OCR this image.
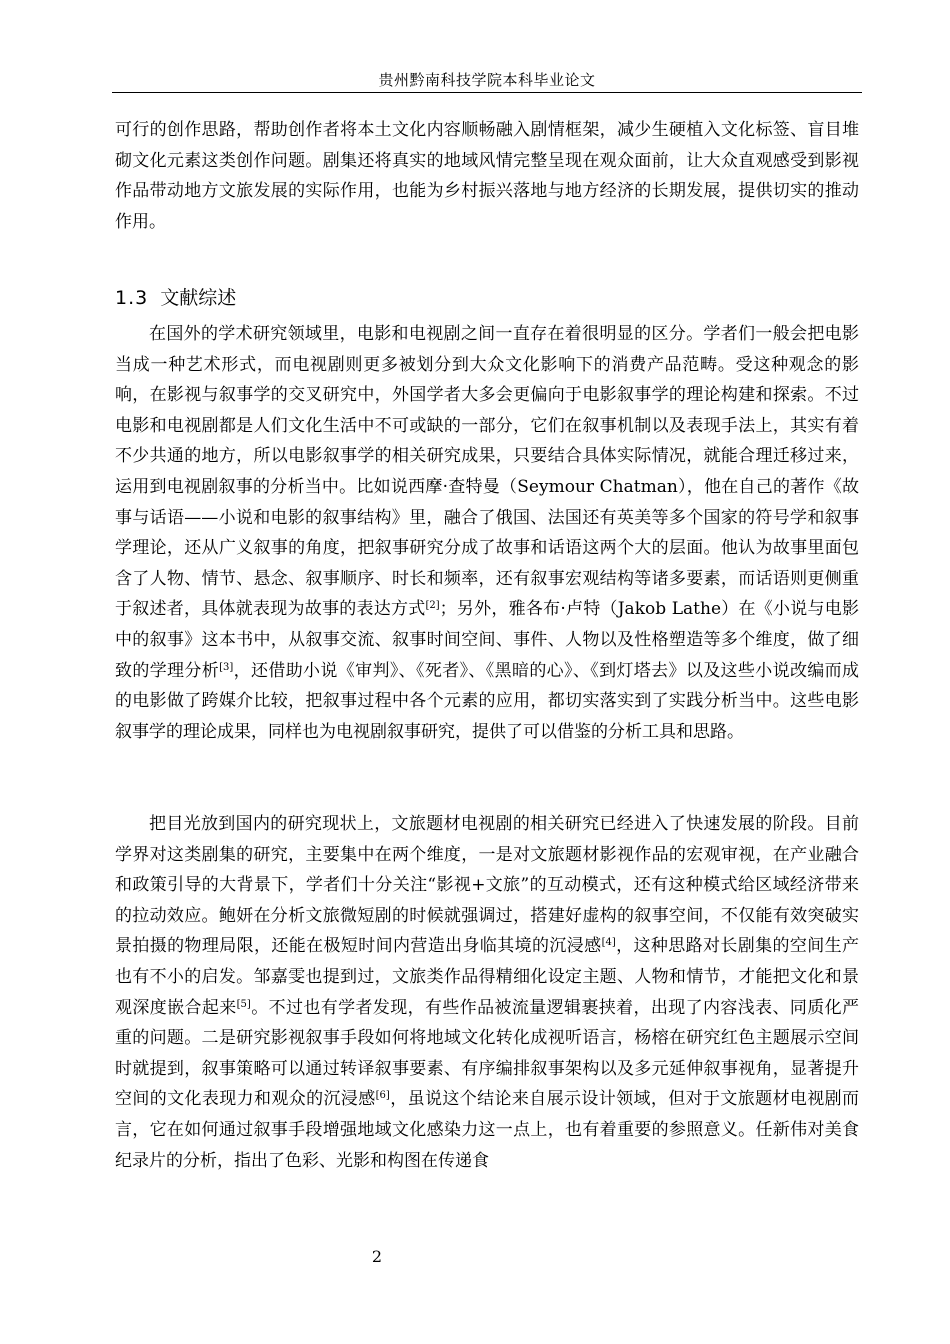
贵州黔南科技学院本科毕业论文

可行的创作思路，帮助创作者将本土文化内容顺畅融入剧情框架，减少生硬植入文化标签、盲目堆砌文化元素这类创作问题。剧集还将真实的地域风情完整呈现在观众面前，让大众直观感受到影视作品带动地方文旅发展的实际作用，也能为乡村振兴落地与地方经济的长期发展，提供切实的推动作用。

1.3 文献综述

在国外的学术研究领域里，电影和电视剧之间一直存在着很明显的区分。学者们一般会把电影当成一种艺术形式，而电视剧则更多被划分到大众文化影响下的消费产品范畴。受这种观念的影响，在影视与叙事学的交叉研究中，外国学者大多会更偏向于电影叙事学的理论构建和探索。不过电影和电视剧都是人们文化生活中不可或缺的一部分，它们在叙事机制以及表现手法上，其实有着不少共通的地方，所以电影叙事学的相关研究成果，只要结合具体实际情况，就能合理迁移过来，运用到电视剧叙事的分析当中。比如说西摩·查特曼（Seymour Chatman），他在自己的著作《故事与话语——小说和电影的叙事结构》里，融合了俄国、法国还有英美等多个国家的符号学和叙事学理论，还从广义叙事的角度，把叙事研究分成了故事和话语这两个大的层面。他认为故事里面包含了人物、情节、悬念、叙事顺序、时长和频率，还有叙事宏观结构等诸多要素，而话语则更侧重于叙述者，具体就表现为故事的表达方式[2]；另外，雅各布·卢特（Jakob Lathe）在《小说与电影中的叙事》这本书中，从叙事交流、叙事时间空间、事件、人物以及性格塑造等多个维度，做了细致的学理分析[3]，还借助小说《审判》、《死者》、《黑暗的心》、《到灯塔去》以及这些小说改编而成的电影做了跨媒介比较，把叙事过程中各个元素的应用，都切实落实到了实践分析当中。这些电影叙事学的理论成果，同样也为电视剧叙事研究，提供了可以借鉴的分析工具和思路。

把目光放到国内的研究现状上，文旅题材电视剧的相关研究已经进入了快速发展的阶段。目前学界对这类剧集的研究，主要集中在两个维度，一是对文旅题材影视作品的宏观审视，在产业融合和政策引导的大背景下，学者们十分关注“影视+文旅”的互动模式，还有这种模式给区域经济带来的拉动效应。鲍妍在分析文旅微短剧的时候就强调过，搭建好虚构的叙事空间，不仅能有效突破实景拍摄的物理局限，还能在极短时间内营造出身临其境的沉浸感[4]，这种思路对长剧集的空间生产也有不小的启发。邹嘉雯也提到过，文旅类作品得精细化设定主题、人物和情节，才能把文化和景观深度嵌合起来[5]。不过也有学者发现，有些作品被流量逻辑裹挟着，出现了内容浅表、同质化严重的问题。二是研究影视叙事手段如何将地域文化转化成视听语言，杨榕在研究红色主题展示空间时就提到，叙事策略可以通过转译叙事要素、有序编排叙事架构以及多元延伸叙事视角，显著提升空间的文化表现力和观众的沉浸感[6]，虽说这个结论来自展示设计领域，但对于文旅题材电视剧而言，它在如何通过叙事手段增强地域文化感染力这一点上，也有着重要的参照意义。任新伟对美食纪录片的分析，指出了色彩、光影和构图在传递食

2
